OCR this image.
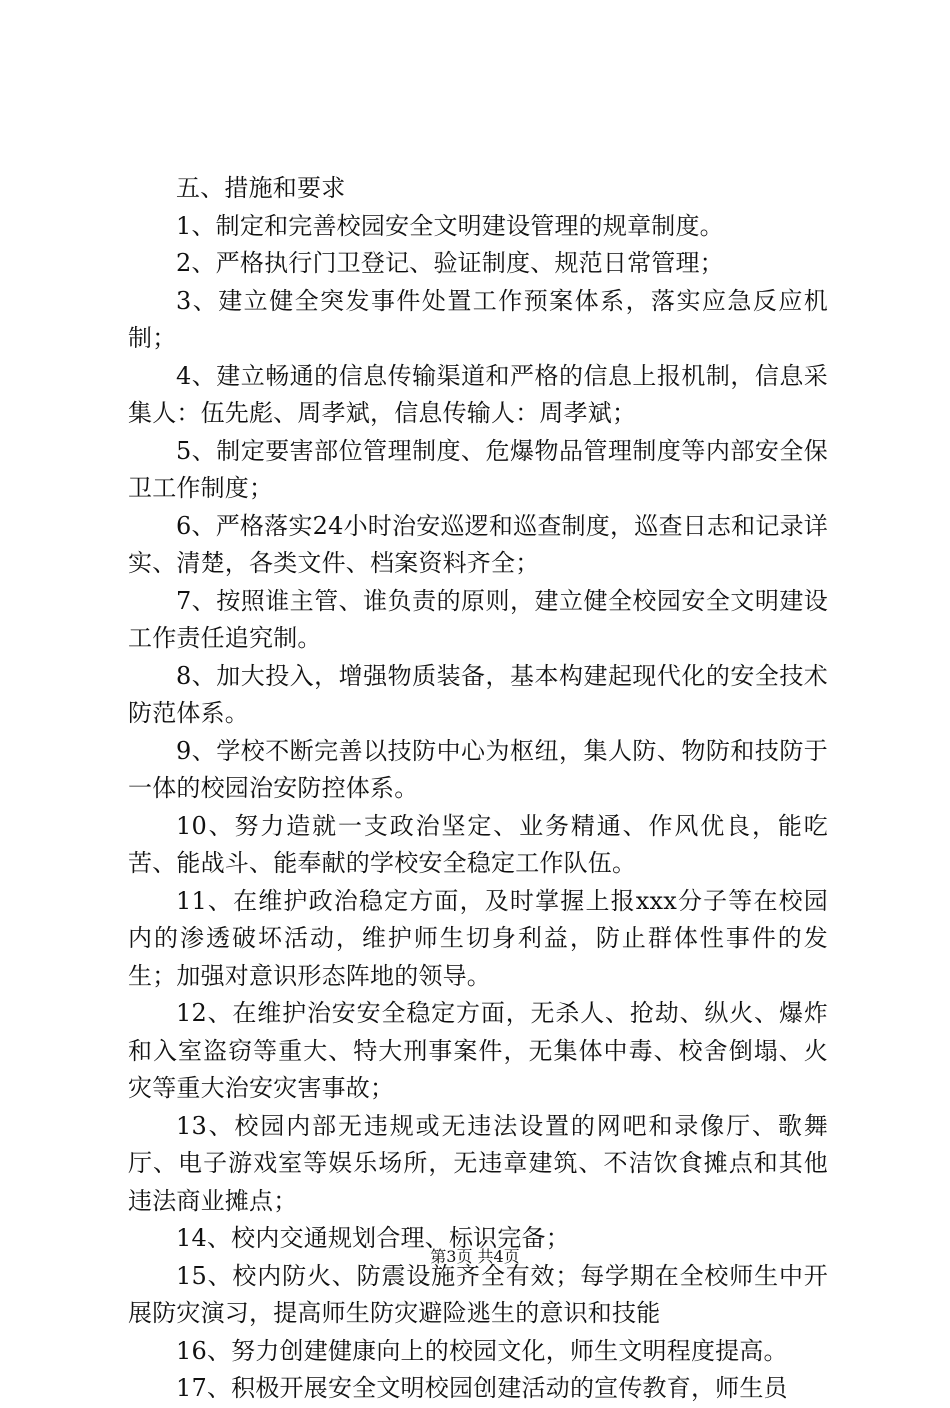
五、措施和要求

1、制定和完善校园安全文明建设管理的规章制度。

2、严格执行门卫登记、验证制度、规范日常管理；

3、建立健全突发事件处置工作预案体系，落实应急反应机制；

4、建立畅通的信息传输渠道和严格的信息上报机制，信息采集人：伍先彪、周孝斌，信息传输人：周孝斌；

5、制定要害部位管理制度、危爆物品管理制度等内部安全保卫工作制度；

6、严格落实24小时治安巡逻和巡查制度，巡查日志和记录详实、清楚，各类文件、档案资料齐全；

7、按照谁主管、谁负责的原则，建立健全校园安全文明建设工作责任追究制。

8、加大投入，增强物质装备，基本构建起现代化的安全技术防范体系。

9、学校不断完善以技防中心为枢纽，集人防、物防和技防于一体的校园治安防控体系。

10、努力造就一支政治坚定、业务精通、作风优良，能吃苦、能战斗、能奉献的学校安全稳定工作队伍。

11、在维护政治稳定方面，及时掌握上报xxx分子等在校园内的渗透破坏活动，维护师生切身利益，防止群体性事件的发生；加强对意识形态阵地的领导。

12、在维护治安安全稳定方面，无杀人、抢劫、纵火、爆炸和入室盗窃等重大、特大刑事案件，无集体中毒、校舍倒塌、火灾等重大治安灾害事故；

13、校园内部无违规或无违法设置的网吧和录像厅、歌舞厅、电子游戏室等娱乐场所，无违章建筑、不洁饮食摊点和其他违法商业摊点；

14、校内交通规划合理、标识完备；

15、校内防火、防震设施齐全有效；每学期在全校师生中开展防灾演习，提高师生防灾避险逃生的意识和技能

16、努力创建健康向上的校园文化，师生文明程度提高。

17、积极开展安全文明校园创建活动的宣传教育，师生员

第3页 共4页
